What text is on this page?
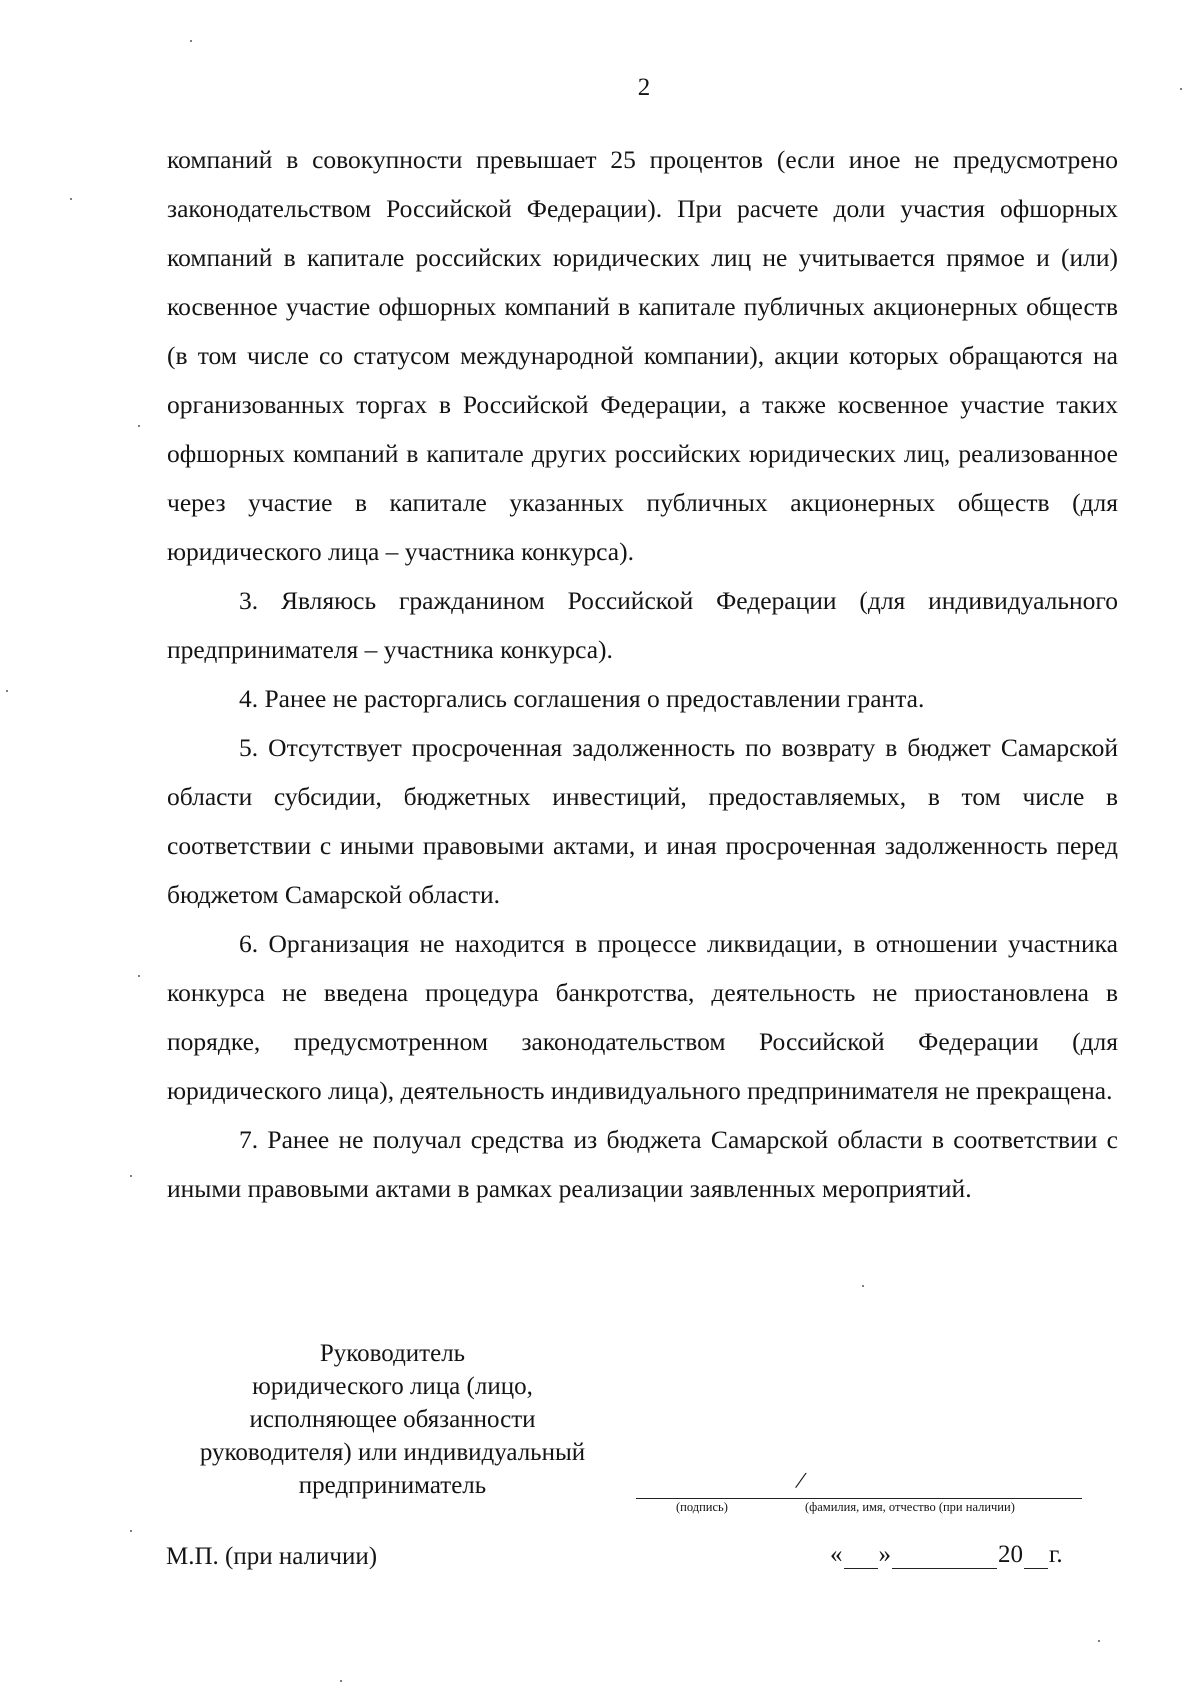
2

компаний в совокупности превышает 25 процентов (если иное не предусмотрено законодательством Российской Федерации). При расчете доли участия офшорных компаний в капитале российских юридических лиц не учитывается прямое и (или) косвенное участие офшорных компаний в капитале публичных акционерных обществ (в том числе со статусом международной компании), акции которых обращаются на организованных торгах в Российской Федерации, а также косвенное участие таких офшорных компаний в капитале других российских юридических лиц, реализованное через участие в капитале указанных публичных акционерных обществ (для юридического лица – участника конкурса).

3. Являюсь гражданином Российской Федерации (для индивидуального предпринимателя – участника конкурса).

4. Ранее не расторгались соглашения о предоставлении гранта.

5. Отсутствует просроченная задолженность по возврату в бюджет Самарской области субсидии, бюджетных инвестиций, предоставляемых, в том числе в соответствии с иными правовыми актами, и иная просроченная задолженность перед бюджетом Самарской области.

6. Организация не находится в процессе ликвидации, в отношении участника конкурса не введена процедура банкротства, деятельность не приостановлена в порядке, предусмотренном законодательством Российской Федерации (для юридического лица), деятельность индивидуального предпринимателя не прекращена.

7. Ранее не получал средства из бюджета Самарской области в соответствии с иными правовыми актами в рамках реализации заявленных мероприятий.

Руководитель
юридического лица (лицо,
исполняющее обязанности
руководителя) или индивидуальный
предприниматель	/
(подпись)	(фамилия, имя, отчество (при наличии)
М.П. (при наличии)	« »	20 г.
